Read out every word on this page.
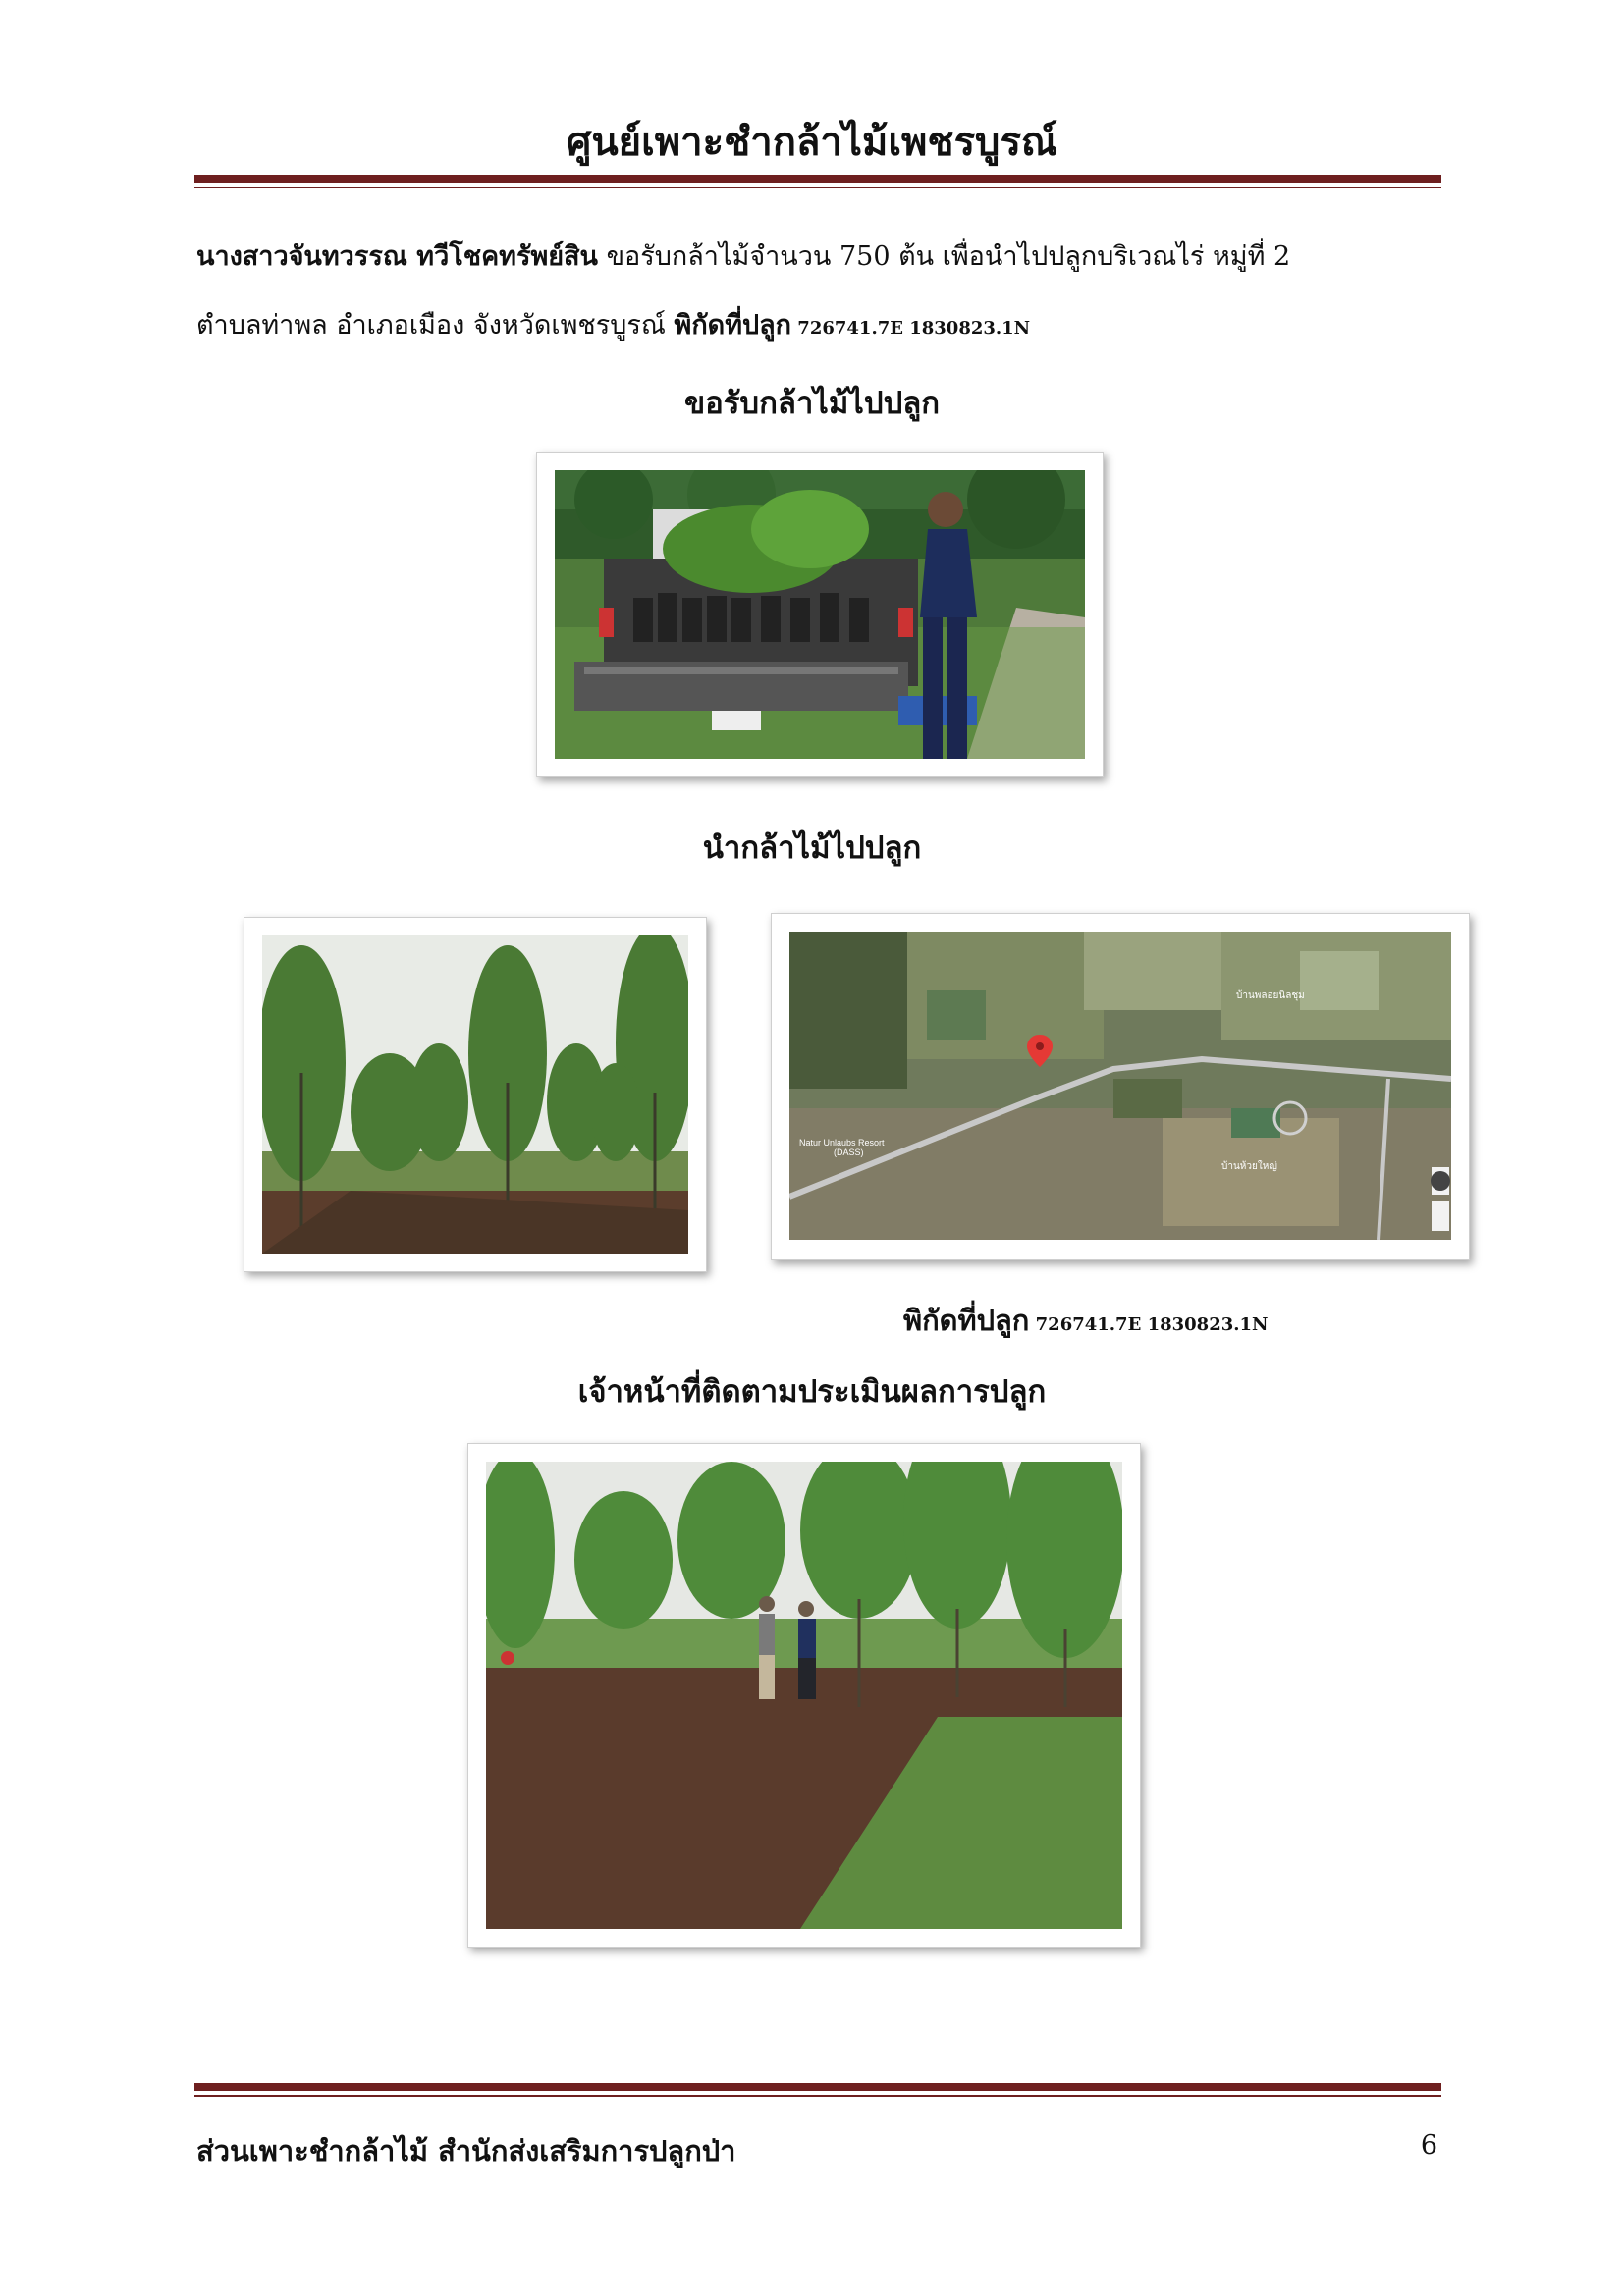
ศูนย์เพาะชำกล้าไม้เพชรบูรณ์
นางสาวจันทวรรณ ทวีโชคทรัพย์สิน ขอรับกล้าไม้จำนวน 750 ต้น เพื่อนำไปปลูกบริเวณไร่ หมู่ที่ 2
ตำบลท่าพล อำเภอเมือง จังหวัดเพชรบูรณ์ พิกัดที่ปลูก 726741.7E 1830823.1N
ขอรับกล้าไม้ไปปลูก
นำกล้าไม้ไปปลูก
Natur Unlaubs Resort
(DASS)
บ้านพลอยนิลชุม
บ้านห้วยใหญ่
พิกัดที่ปลูก 726741.7E 1830823.1N
เจ้าหน้าที่ติดตามประเมินผลการปลูก
ส่วนเพาะชำกล้าไม้ สำนักส่งเสริมการปลูกป่า	6
